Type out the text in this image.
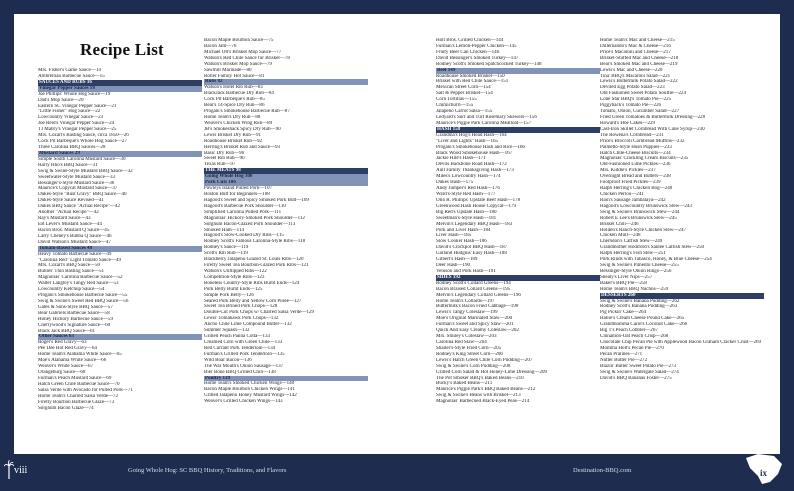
Recipe List
Mrs. Fisher's Game Sauce—14
Ambrellian Barbecue Sauce—15
SAUCES AND RUBS 16
Vinegar Pepper Sauces 18
Joe Phillips' Whole Hog Sauce—19
Dad's Mop Sauce—20
Eastern SC Vinegar Pepper Sauce—21
"Little Fisher" Hog Sauce—22
Lowcountry Vinegar Sauce—23
Joe Reid's Vinegar Pepper Sauce—24
TJ Mabry's Vinegar Pepper Sauce—25
Mrs. Cozart's Basting Sauce, circa 1850—26
Cock Pit Barbeque's Whole Hog Sauce—27
Three Carolina BBQ Sauces—28
Mustard Sauces 29
Simple South Carolina Mustard Sauce—30
Harry Hho's BBQ Sauce—31
Swig & Swine-Style Mustard BBQ Sauce—32
Sweetwater-Style Mustard Sauce—33
Bessinger's-Style Mustard Sauce—36
Maurice's Copycat Mustard Sauce—37
Dukes-Style "Rust Gravy" BBQ Sauce—40
Dukes-Style Sauce Revised—41
Dukes BBQ Sauce "Actual Recipe"—42
Another "Actual Recipe"—42
Ray's Mustard Sauce—43
EB Lever's Mustard Sauce—44
Bacon Bros. Mustard Q Sauce—45
Larry Cheney's Bubba Q Sauce—46
David Watson's Mustard Sauce—47
Tomato-Based Sauces 48
Heavy Tomato Barbecue Sauce—49
"Carolina Red" Light Tomato Sauce—49
Mrs. Cozart's BBQ Sauce—50
Bullies' Thin Basting Sauce—51
Magnolias' Carolina Barbecue Sauce—52
Walter Langley's Tangy Red Sauce—53
Lowcountry Ketchup Sauce—54
Progani's Smokehouse Barbecue Sauce—55
Swig & Swine's Sweet Red BBQ Sauce—56
Gates & Sons-Style BBQ Sauce—57
Bear Gabriels Barbecue Sauce—58
Honey Hickory Barbecue Sauce—59
Cherrywood's Signature Sauce—60
Black Jack BBQ Sauce—61
Other Sauces 63
Roger's Red Gravy—63
Pee Dee Hot Red Gravy—64
Home Team's Alabama White Sauce—65
Moe's Alabama White Sauce—66
Weaver's White Sauce—67
Orangeburg Sauce—68
Furman's Peach Mustard Sauce—69
Hatch Green Chile Barbecue Sauce—70
Salsa Verde with Avocado for Pulled Pork—71
Home Team's Charred Salsa Verde—72
Firefly Bourbon Barbecue Glaze—73
Sorghum Bacon Glaze—74
Bacon Maple Bourbon Sauce—75
Bacon Jam—76
Michael Ott's Brisket Mop Sauce—77
Watson's Red Chile Sauce for Brisket—78
Watson's Brisket Mop Sauce—79
Sawmill Marinade—80
Roller Family Hot Sauce—81
Rubs 82
Watson's Hotel Rib Rub—83
BlackJack Barbecue Dry Rub—84
Cock Pit Barbeque's Rub—85
Bear's 14-Spice Dry Rub—86
Progani's Smokehouse Barbecue Rub—87
Home Team's Dry Rub—88
Weaver's Chicken Wing Rub—89
JB's Smokeshack Spicy Dry Rub—90
Lewis Brisket Dry Rub—91
Roadhouse Brisket Rub—92
Herring's Brisket Rub and Sauce—93
Basic Dry Rub—96
Sweet Rib Rub—96
Texas Rub—97
THE MEATS 98
Going Whole Hog 100
Pork Cuts 106
Pawleys Island Pulled Pork—107
Boston Butt for Beginners—108
Hagood's Sweet and Spicy Smoked Pork Butt—109
Hagood's Barbecue Pork Shoulder—110
Simplified Carolina Pulled Pork—111
Magnolias' Hickory-Smoked Pork Shoulder—112
Sorghum Bacon-Glazed Pork Shoulder—113
Smoked Ham—114
Hagood's Slow-Cooked Dry Ribs—115
Rodney Scott's Famous Carolina-Style Ribs—118
Rodney's Sauce—119
Scott's Rib Rub—119
Blackberry Jalapeño Glazed St. Louis Ribs—120
Firefly Sweet Tea Bourbon-Glazed Pork Ribs—121
Watson's Unflipped Ribs—122
Competition-Style Ribs—123
Boneless Country-Style Ribs Burnt Ends—124
Pork Belly Burnt Ends—125
Simple Pork Belly—126
Seared Pork Belly and Yellow Corn Purée—127
Sweet Tea Brined Pork Chops—128
Double-Cut Pork Chops w/ Charred Salsa Verde—129
Lewis' Tomahawk Pork Chops—132
Ancho Chile Lime Compound Butter—132
Summer Squash—132
Grilled Peach Panna Cotta—133
Creamed Corn with Green Chile—133
Red Currant Pork Tenderloin—134
Furman's Grilled Pork Tenderloin—135
Wild Boar Bacon—136
The War Mouth's Onion Sausage—137
Bier Bone BBQ Grilled Chili—138
Poultry 139
Home Team's Smoked Chicken Wings—140
Bacon Maple Bourbon Chicken Wings—141
Grilled Jalapeño Honey Mustard Wings—142
Weaver's Grilled Chicken Wings—143
Holt Bros. Grilled Chicken—144
Furman's Lemon-Pepper Chicken—145
Fruity Beer Can Chicken—146
David Bessinger's Smoked Turkey—147
Rodney Scott's Smoked Spatchcocked Turkey—148
Beef 149
Roadhouse Smoked Brisket—150
Brisket with Red Chile Sauce—151
Mexican Street Corn—154
Salt & Pepper Brisket—154
Corn Tortillas—155
Chimichurri—155
Jalapeño Carrot Salsa—155
Ledyard's Surf and Turf Rosemary Skewers—156
Maurice's Piggie Park Carolina Meatloaf—157
HASH 158
Grandma's Hog's Head Hash—164
"Liver and Lights" Hash—165
Progani's Smokehouse Hash and Rice—166
Black Wood Smokehouse Hash—167
Jackie Hite's Hash—171
Devils Backbone Road Hash—172
Aull Family Thanksgiving Hash—173
Miles's Lowcountry Hash—174
Dukes Hash—175
Andy Jumper's Red Hash—176
Ward's-Style Red Hash—177
Olin R. Phillips' Upstate Beef Hash—178
Greenwood Hash House Copycat—179
Big Red's Upstate Hash—180
Sweetman's-Style Hash—181
Melvin's Legendary BBQ Hash—183
Pork and Liver Hash—184
Liver Hash—185
Slow Cooker Hash—186
David's Crockpot BBQ Hash—187
Garland Hudgins' Easy Hash—188
Gilbert's Hash—189
Deer Hash—190
Venison and Pork Hash—191
SIDES 192
Rodney Scott's Collard Greens—194
Bacon Braised Collard Greens—195
Melvin's Legendary Collard Greens—196
Home Team's Collards—197
Buttermilk's Bacon Fried Cabbage—198
Lewis's Tangy Coleslaw—199
Moe's Original Marinated Slaw—200
Furman's Sweet and Spicy Slaw—201
Quick And Easy Creamy Coleslaw—202
Mrs. Smiley's Coleslaw—203
Carolina Red Slaw—204
Shailer's-Style Fried Corn—205
Rodney's King Street Corn—206
Lewis's Hatch Green Chile Corn Pudding—207
Swig & Swine's Corn Pudding—208
Grilled Corn Salad & Hot Honey-Lime Dressing—209
The Pot Smoker BBQ's Baked Beans—210
Bucky's Baked Beans—211
Maurice's Piggie Park's BBQ Baked Beans—212
Swig & Swine's Beans with Brisket—213
Magnolias' Barbecued Black-Eyed Peas—214
Home Team's Mac and Cheese—215
Dillernando's Mac & Cheese—216
Price's Macaroni and Cheese—217
Brisket-Stuffed Mac and Cheese—218
Bear's Smoked Mac and Cheese—219
Lewis's Mac and Cheese—220
Tina' BBQ's Macaroni Salad—221
Lewis's Buttermilk Potato Salad—222
Deviled Egg Potato Salad—223
Old Fashioned Sweet Potato Soufflé—224
Lone Star BBQ's Tomato Pie—225
Piggyback's Tomato Pie—226
Tomato, Onion, Cucumber Salad—227
Fried Green Tomatoes & Buttermilk Dressing—228
Howard's Hoe Cakes—229
Cast-Iron Skillet Cornbread With Cane Syrup—230
The Rowena's Cornbread—231
Price's Broccoli Cornbread Muffins—232
Palmetto-Style Hush Puppies—233
Hatch Chile-Cheese Biscuits—234
Magnolias' Crackling Cream Biscuits—235
Old-Fashioned Lime Pickles—236
Mrs. Kiddie's Pickles—237
Overnight Bread and Butters—238
Foolproof Fried Pickles—239
Ralph Herring's Chicken Bog—240
Chicken Perloo—241
Rion's Sausage Jambalaya—242
Hagood's Lowcountry Brunswick Stew—243
Swig & Swine's Brunswick Stew—244
Robert E Lee's Brunswick Stew—245
Brisket Chili—246
Holden's Ranch-Style Chicken Stew—247
Chicken Mull—248
Lherndon's Catfish Stew—249
Grandmother Hodiford's Santee Catfish Stew—250
Ralph Herring's Fish Stew—251
Pork Rinds with Tabasco, Honey, & Blue Cheese—254
Swig & Swine's Pimento Cheese—255
Bessinger-Style Onion Rings—256
Shealy's Liver Nips—257
Baker's BBQ Pie—258
Home Team's BBQ Nachos—259
DESSERTS 260
Swig & Swine's Banana Pudding—262
Rodney Scott's Banana Pudding—263
Pig Pickin' Cake—264
Hallie's Cream Cheese Pound Cake—265
Grandmomma Carol's Coconut Cake—266
Big T's Peach Cobbler—267
Cinnamon-Oat Peach Crisp—268
Chocolate Chip Pecan Pie with Applewood Bacon Graham Cracker Crust—269
Momma Holt's Pecan Pie—270
Pecan Pralines—271
Nutter Butter Pie—272
Blazin' Butler Sweet Potato Pie—273
Swig & Swine's Watergate Salad—274
David's BBQ Bananas Foster—275
viii	Going Whole Hog: SC BBQ History, Traditions, and Flavors	Destination-BBQ.com	ix
